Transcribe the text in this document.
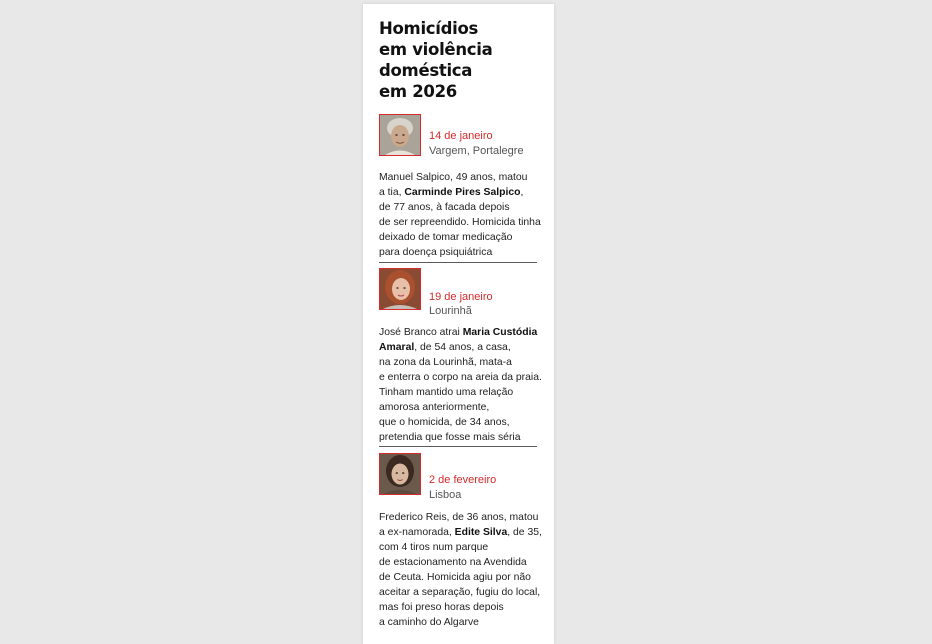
Homicídios
em violência
doméstica
em 2026
14 de janeiro
Vargem, Portalegre

Manuel Salpico, 49 anos, matou
a tia, Carminde Pires Salpico,
de 77 anos, à facada depois
de ser repreendido. Homicida tinha
deixado de tomar medicação
para doença psiquiátrica

19 de janeiro
Lourinhã

José Branco atrai Maria Custódia
Amaral, de 54 anos, a casa,
na zona da Lourinhã, mata-a
e enterra o corpo na areia da praia.
Tinham mantido uma relação
amorosa anteriormente,
que o homicida, de 34 anos,
pretendia que fosse mais séria

2 de fevereiro
Lisboa

Frederico Reis, de 36 anos, matou
a ex-namorada, Edite Silva, de 35,
com 4 tiros num parque
de estacionamento na Avendida
de Ceuta. Homicida agiu por não
aceitar a separação, fugiu do local,
mas foi preso horas depois
a caminho do Algarve
